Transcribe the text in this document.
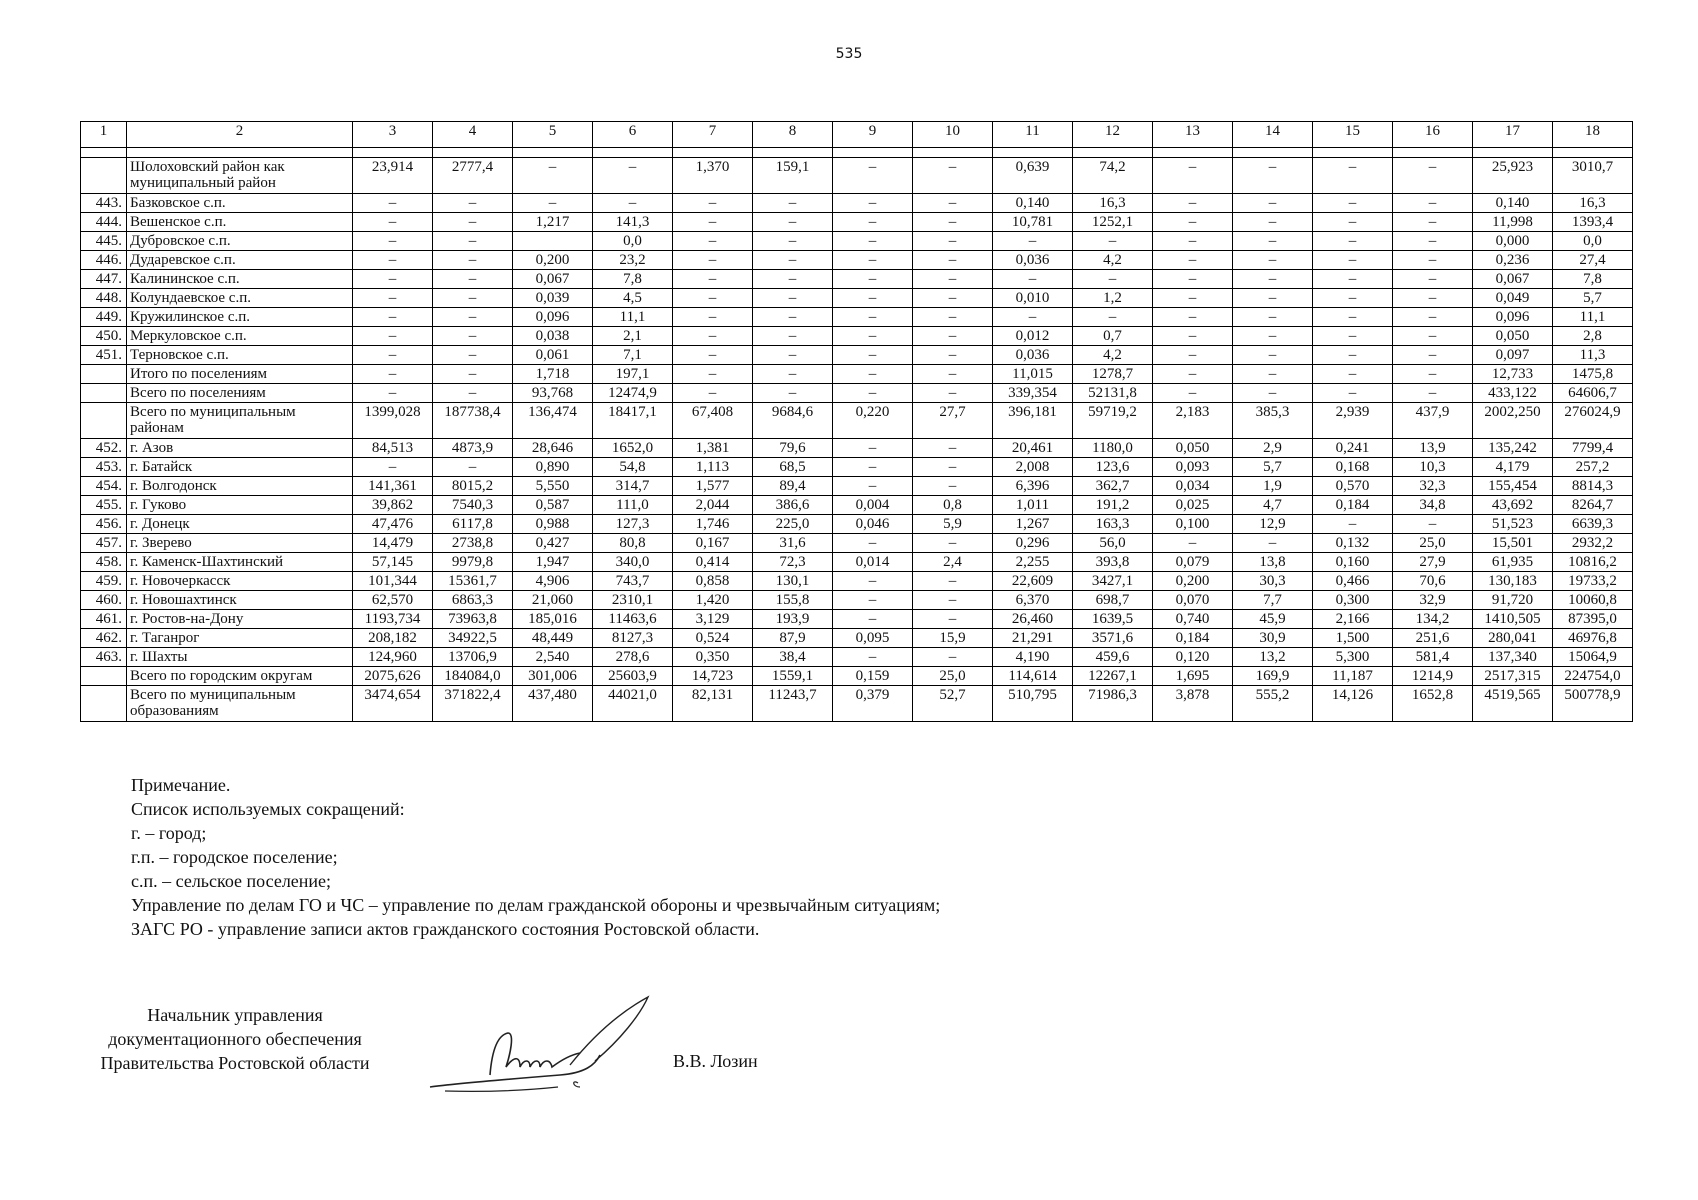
535
1	2	3	4	5	6	7	8	9	10	11	12	13	14	15	16	17	18

	Шолоховский район как муниципальный район	23,914	2777,4	–	–	1,370	159,1	–	–	0,639	74,2	–	–	–	–	25,923	3010,7
443.	Базковское с.п.	–	–	–	–	–	–	–	–	0,140	16,3	–	–	–	–	0,140	16,3
444.	Вешенское с.п.	–	–	1,217	141,3	–	–	–	–	10,781	1252,1	–	–	–	–	11,998	1393,4
445.	Дубровское с.п.	–	–		0,0	–	–	–	–	–	–	–	–	–	–	0,000	0,0
446.	Дударевское с.п.	–	–	0,200	23,2	–	–	–	–	0,036	4,2	–	–	–	–	0,236	27,4
447.	Калининское с.п.	–	–	0,067	7,8	–	–	–	–	–	–	–	–	–	–	0,067	7,8
448.	Колундаевское с.п.	–	–	0,039	4,5	–	–	–	–	0,010	1,2	–	–	–	–	0,049	5,7
449.	Кружилинское с.п.	–	–	0,096	11,1	–	–	–	–	–	–	–	–	–	–	0,096	11,1
450.	Меркуловское с.п.	–	–	0,038	2,1	–	–	–	–	0,012	0,7	–	–	–	–	0,050	2,8
451.	Терновское с.п.	–	–	0,061	7,1	–	–	–	–	0,036	4,2	–	–	–	–	0,097	11,3
	Итого по поселениям	–	–	1,718	197,1	–	–	–	–	11,015	1278,7	–	–	–	–	12,733	1475,8
	Всего по поселениям	–	–	93,768	12474,9	–	–	–	–	339,354	52131,8	–	–	–	–	433,122	64606,7
	Всего по муниципальным районам	1399,028	187738,4	136,474	18417,1	67,408	9684,6	0,220	27,7	396,181	59719,2	2,183	385,3	2,939	437,9	2002,250	276024,9
452.	г. Азов	84,513	4873,9	28,646	1652,0	1,381	79,6	–	–	20,461	1180,0	0,050	2,9	0,241	13,9	135,242	7799,4
453.	г. Батайск	–	–	0,890	54,8	1,113	68,5	–	–	2,008	123,6	0,093	5,7	0,168	10,3	4,179	257,2
454.	г. Волгодонск	141,361	8015,2	5,550	314,7	1,577	89,4	–	–	6,396	362,7	0,034	1,9	0,570	32,3	155,454	8814,3
455.	г. Гуково	39,862	7540,3	0,587	111,0	2,044	386,6	0,004	0,8	1,011	191,2	0,025	4,7	0,184	34,8	43,692	8264,7
456.	г. Донецк	47,476	6117,8	0,988	127,3	1,746	225,0	0,046	5,9	1,267	163,3	0,100	12,9	–	–	51,523	6639,3
457.	г. Зверево	14,479	2738,8	0,427	80,8	0,167	31,6	–	–	0,296	56,0	–	–	0,132	25,0	15,501	2932,2
458.	г. Каменск-Шахтинский	57,145	9979,8	1,947	340,0	0,414	72,3	0,014	2,4	2,255	393,8	0,079	13,8	0,160	27,9	61,935	10816,2
459.	г. Новочеркасск	101,344	15361,7	4,906	743,7	0,858	130,1	–	–	22,609	3427,1	0,200	30,3	0,466	70,6	130,183	19733,2
460.	г. Новошахтинск	62,570	6863,3	21,060	2310,1	1,420	155,8	–	–	6,370	698,7	0,070	7,7	0,300	32,9	91,720	10060,8
461.	г. Ростов-на-Дону	1193,734	73963,8	185,016	11463,6	3,129	193,9	–	–	26,460	1639,5	0,740	45,9	2,166	134,2	1410,505	87395,0
462.	г. Таганрог	208,182	34922,5	48,449	8127,3	0,524	87,9	0,095	15,9	21,291	3571,6	0,184	30,9	1,500	251,6	280,041	46976,8
463.	г. Шахты	124,960	13706,9	2,540	278,6	0,350	38,4	–	–	4,190	459,6	0,120	13,2	5,300	581,4	137,340	15064,9
	Всего по городским округам	2075,626	184084,0	301,006	25603,9	14,723	1559,1	0,159	25,0	114,614	12267,1	1,695	169,9	11,187	1214,9	2517,315	224754,0
	Всего по муниципальным образованиям	3474,654	371822,4	437,480	44021,0	82,131	11243,7	0,379	52,7	510,795	71986,3	3,878	555,2	14,126	1652,8	4519,565	500778,9
Примечание.
Список используемых сокращений:
г. – город;
г.п. – городское поселение;
с.п. – сельское поселение;
Управление по делам ГО и ЧС – управление по делам гражданской обороны и чрезвычайным ситуациям;
ЗАГС РО - управление записи актов гражданского состояния Ростовской области.
Начальник управления
документационного обеспечения
Правительства Ростовской области	В.В. Лозин
